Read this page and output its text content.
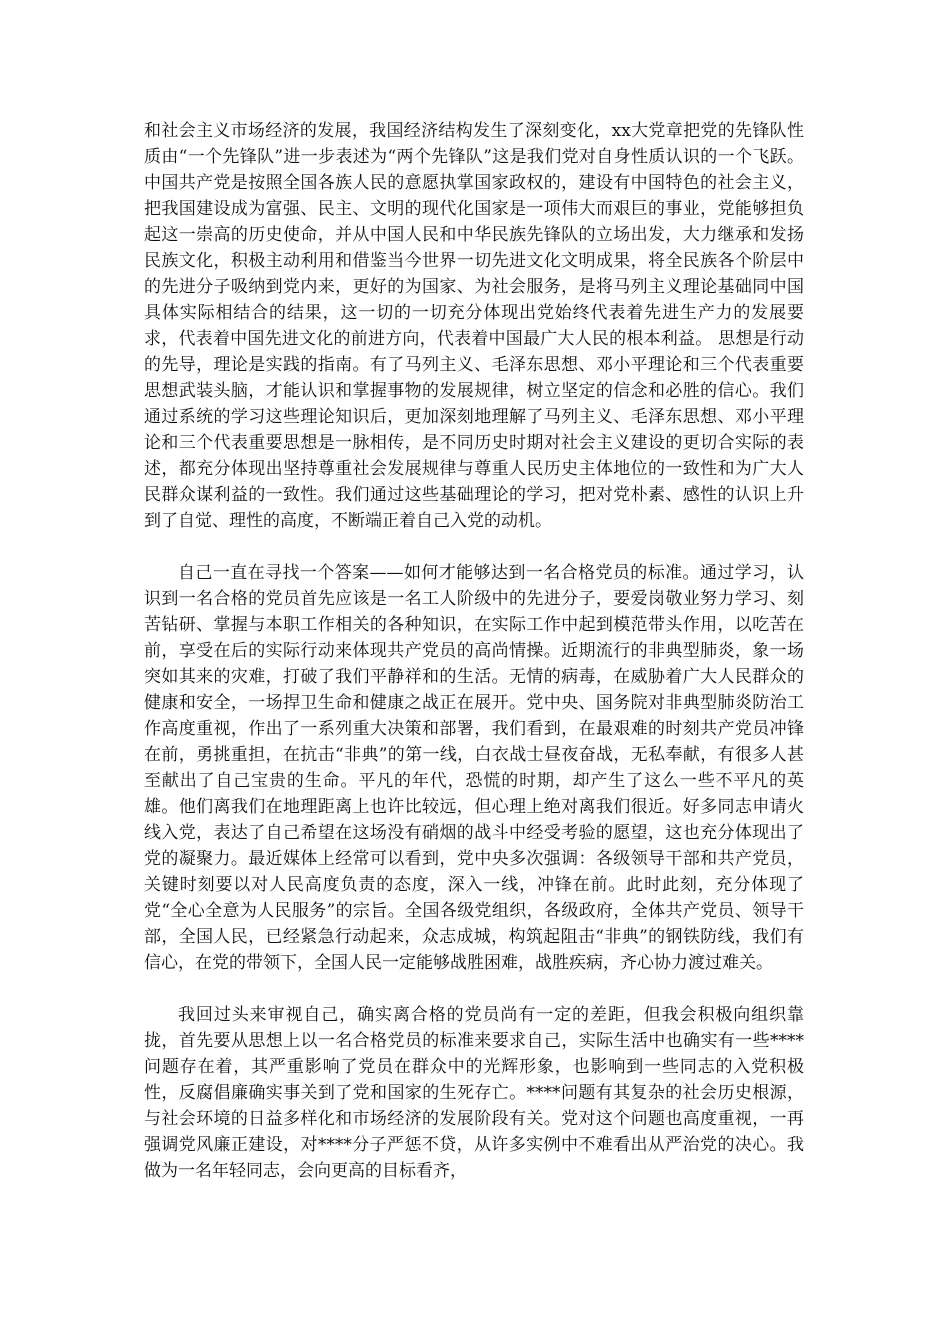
和社会主义市场经济的发展，我国经济结构发生了深刻变化，xx大党章把党的先锋队性质由“一个先锋队”进一步表述为“两个先锋队”这是我们党对自身性质认识的一个飞跃。中国共产党是按照全国各族人民的意愿执掌国家政权的，建设有中国特色的社会主义，把我国建设成为富强、民主、文明的现代化国家是一项伟大而艰巨的事业，党能够担负起这一崇高的历史使命，并从中国人民和中华民族先锋队的立场出发，大力继承和发扬民族文化，积极主动利用和借鉴当今世界一切先进文化文明成果，将全民族各个阶层中的先进分子吸纳到党内来，更好的为国家、为社会服务，是将马列主义理论基础同中国具体实际相结合的结果，这一切的一切充分体现出党始终代表着先进生产力的发展要求，代表着中国先进文化的前进方向，代表着中国最广大人民的根本利益。 思想是行动的先导，理论是实践的指南。有了马列主义、毛泽东思想、邓小平理论和三个代表重要思想武装头脑，才能认识和掌握事物的发展规律，树立坚定的信念和必胜的信心。我们通过系统的学习这些理论知识后，更加深刻地理解了马列主义、毛泽东思想、邓小平理论和三个代表重要思想是一脉相传，是不同历史时期对社会主义建设的更切合实际的表述，都充分体现出坚持尊重社会发展规律与尊重人民历史主体地位的一致性和为广大人民群众谋利益的一致性。我们通过这些基础理论的学习，把对党朴素、感性的认识上升到了自觉、理性的高度，不断端正着自己入党的动机。

自己一直在寻找一个答案——如何才能够达到一名合格党员的标准。通过学习，认识到一名合格的党员首先应该是一名工人阶级中的先进分子，要爱岗敬业努力学习、刻苦钻研、掌握与本职工作相关的各种知识，在实际工作中起到模范带头作用，以吃苦在前，享受在后的实际行动来体现共产党员的高尚情操。近期流行的非典型肺炎，象一场突如其来的灾难，打破了我们平静祥和的生活。无情的病毒，在威胁着广大人民群众的健康和安全，一场捍卫生命和健康之战正在展开。党中央、国务院对非典型肺炎防治工作高度重视，作出了一系列重大决策和部署，我们看到，在最艰难的时刻共产党员冲锋在前，勇挑重担，在抗击“非典”的第一线，白衣战士昼夜奋战，无私奉献，有很多人甚至献出了自己宝贵的生命。平凡的年代，恐慌的时期，却产生了这么一些不平凡的英雄。他们离我们在地理距离上也许比较远，但心理上绝对离我们很近。好多同志申请火线入党，表达了自己希望在这场没有硝烟的战斗中经受考验的愿望，这也充分体现出了党的凝聚力。最近媒体上经常可以看到，党中央多次强调：各级领导干部和共产党员，关键时刻要以对人民高度负责的态度，深入一线，冲锋在前。此时此刻，充分体现了党“全心全意为人民服务”的宗旨。全国各级党组织，各级政府，全体共产党员、领导干部，全国人民，已经紧急行动起来，众志成城，构筑起阻击“非典”的钢铁防线，我们有信心，在党的带领下，全国人民一定能够战胜困难，战胜疾病，齐心协力渡过难关。

我回过头来审视自己，确实离合格的党员尚有一定的差距，但我会积极向组织靠拢，首先要从思想上以一名合格党员的标准来要求自己，实际生活中也确实有一些****问题存在着，其严重影响了党员在群众中的光辉形象，也影响到一些同志的入党积极性，反腐倡廉确实事关到了党和国家的生死存亡。****问题有其复杂的社会历史根源，与社会环境的日益多样化和市场经济的发展阶段有关。党对这个问题也高度重视，一再强调党风廉正建设，对****分子严惩不贷，从许多实例中不难看出从严治党的决心。我做为一名年轻同志，会向更高的目标看齐，
